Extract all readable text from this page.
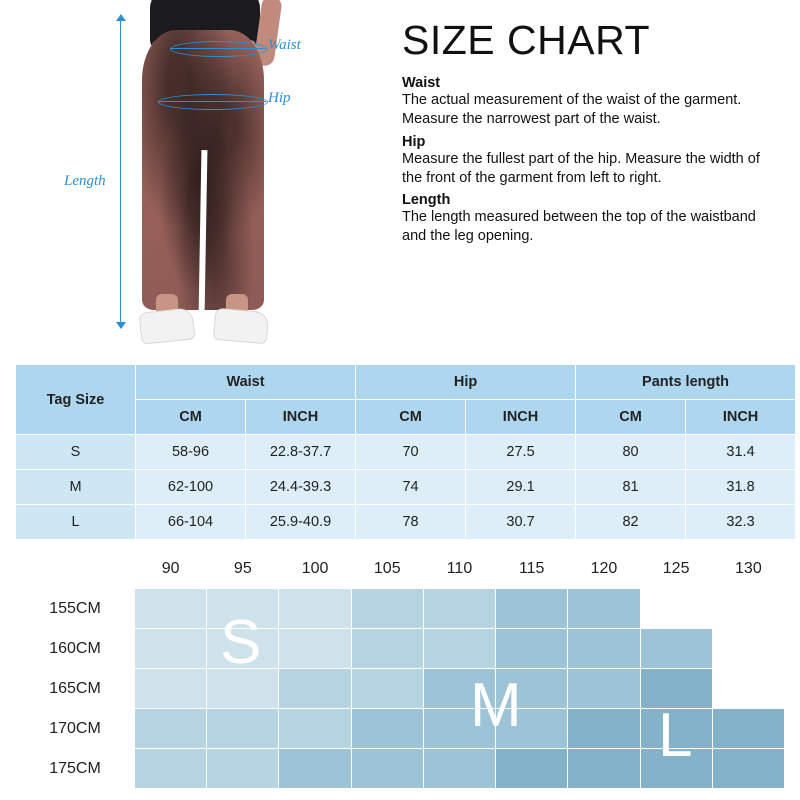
Waist
Hip
Length
SIZE CHART
Waist

The actual measurement of the waist of the garment. Measure the narrowest part of the waist.

Hip

Measure the fullest part of the hip. Measure the width of the front of the garment from left to right.

Length

The length measured between the top of the waistband and the leg opening.

Tag Size	Waist		Hip		Pants length	
	CM	INCH	CM	INCH	CM	INCH
S	58-96	22.8-37.7	70	27.5	80	31.4
M	62-100	24.4-39.3	74	29.1	81	31.8
L	66-104	25.9-40.9	78	30.7	82	32.3
	90	95	100	105	110	115	120	125	130
155CM									
160CM									
165CM									
170CM									
175CM									
S
M L
